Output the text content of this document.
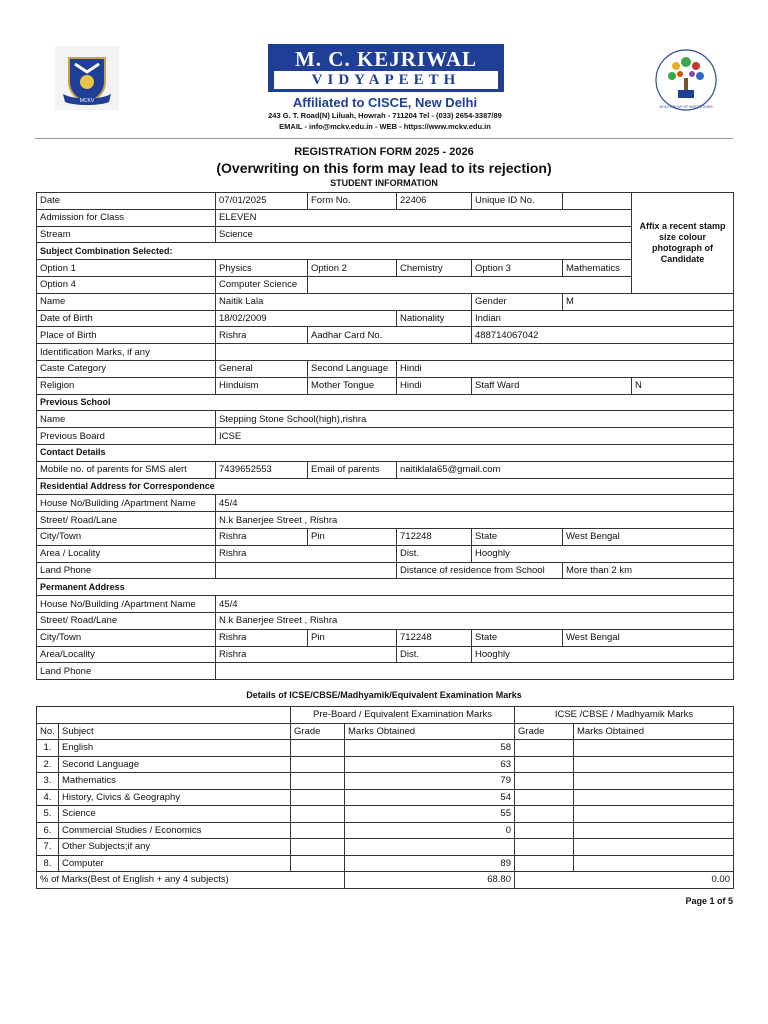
MCKV
M. C. KEJRIWAL
VIDYAPEETH
MCKV GROUP OF INSTITUTIONS
Affiliated to CISCE, New Delhi
243 G. T. Road(N) Liluah, Howrah - 711204 Tel - (033) 2654-3387/89
EMAIL - info@mckv.edu.in - WEB - https://www.mckv.edu.in
REGISTRATION FORM 2025 - 2026
(Overwriting on this form may lead to its rejection)
STUDENT INFORMATION
Date	07/01/2025	Form No.	22406	Unique ID No.		Affix a recent stamp size colour photograph of Candidate
Admission for Class	ELEVEN					
Stream	Science					
Subject Combination Selected:						
Option 1	Physics	Option 2	Chemistry	Option 3	Mathematics	
Option 4	Computer Science					
Name	Naitik Lala			Gender	M	
Date of Birth	18/02/2009		Nationality	Indian		
Place of Birth	Rishra	Aadhar Card No.		488714067042		
Identification Marks, if any						
Caste Category	General	Second Language	Hindi			
Religion	Hinduism	Mother Tongue	Hindi	Staff Ward		N
Previous School						
Name	Stepping Stone School(high),rishra					
Previous Board	ICSE					
Contact Details						
Mobile no. of parents for SMS alert	7439652553	Email of parents	naitiklala65@gmail.com			
Residential Address for Correspondence						
House No/Building /Apartment Name	45/4					
Street/ Road/Lane	N.k Banerjee Street , Rishra					
City/Town	Rishra	Pin	712248	State	West Bengal	
Area / Locality	Rishra		Dist.	Hooghly		
Land Phone			Distance of residence from School		More than 2 km	
Permanent Address						
House No/Building /Apartment Name	45/4					
Street/ Road/Lane	N.k Banerjee Street , Rishra					
City/Town	Rishra	Pin	712248	State	West Bengal	
Area/Locality	Rishra		Dist.	Hooghly		
Land Phone						
Details of ICSE/CBSE/Madhyamik/Equivalent Examination Marks
		Pre-Board / Equivalent Examination Marks		ICSE /CBSE / Madhyamik Marks	
No.	Subject	Grade	Marks Obtained	Grade	Marks Obtained
1.	English		58		
2.	Second Language		63		
3.	Mathematics		79		
4.	History, Civics & Geography		54		
5.	Science		55		
6.	Commercial Studies / Economics		0		
7.	Other Subjects;if any				
8.	Computer		89		
% of Marks(Best of English + any 4 subjects)			68.80	0.00	
Page 1 of 5
